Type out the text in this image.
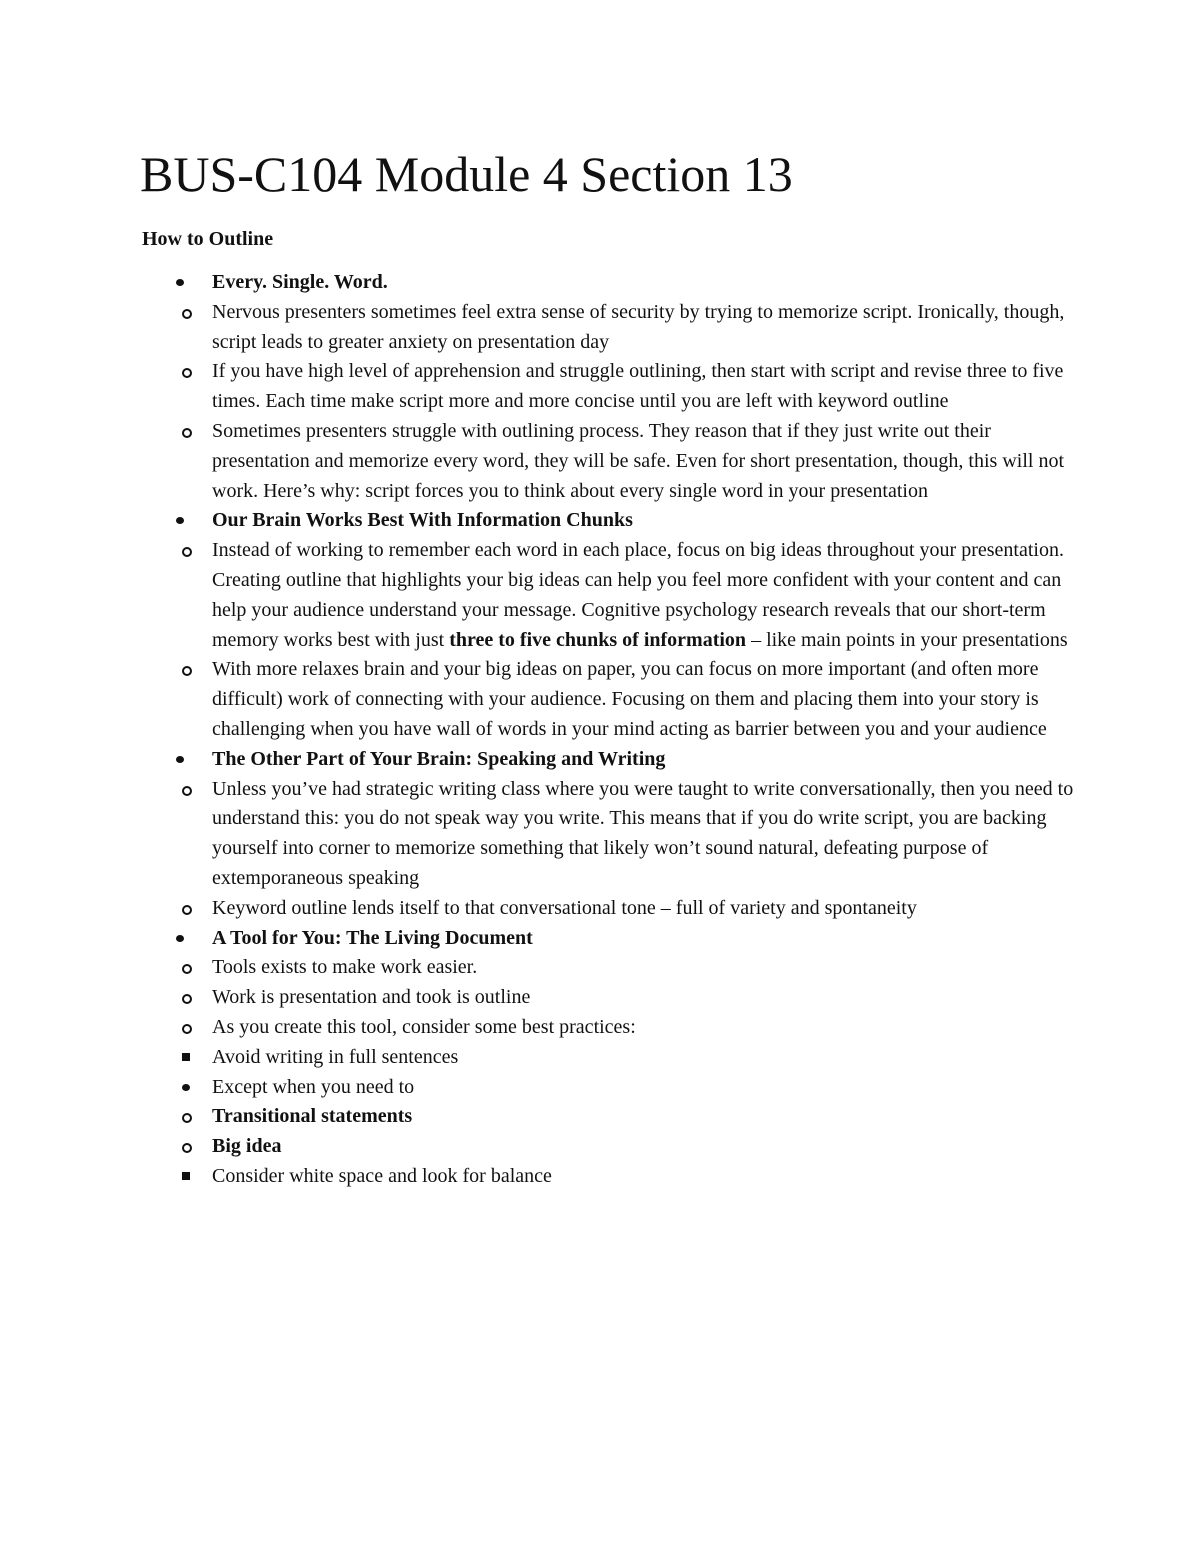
BUS-C104 Module 4 Section 13
How to Outline
Every. Single. Word.
Nervous presenters sometimes feel extra sense of security by trying to memorize script. Ironically, though, script leads to greater anxiety on presentation day
If you have high level of apprehension and struggle outlining, then start with script and revise three to five times. Each time make script more and more concise until you are left with keyword outline
Sometimes presenters struggle with outlining process. They reason that if they just write out their presentation and memorize every word, they will be safe. Even for short presentation, though, this will not work. Here’s why: script forces you to think about every single word in your presentation
Our Brain Works Best With Information Chunks
Instead of working to remember each word in each place, focus on big ideas throughout your presentation. Creating outline that highlights your big ideas can help you feel more confident with your content and can help your audience understand your message. Cognitive psychology research reveals that our short-term memory works best with just three to five chunks of information – like main points in your presentations
With more relaxes brain and your big ideas on paper, you can focus on more important (and often more difficult) work of connecting with your audience. Focusing on them and placing them into your story is challenging when you have wall of words in your mind acting as barrier between you and your audience
The Other Part of Your Brain: Speaking and Writing
Unless you’ve had strategic writing class where you were taught to write conversationally, then you need to understand this: you do not speak way you write. This means that if you do write script, you are backing yourself into corner to memorize something that likely won’t sound natural, defeating purpose of extemporaneous speaking
Keyword outline lends itself to that conversational tone – full of variety and spontaneity
A Tool for You: The Living Document
Tools exists to make work easier.
Work is presentation and took is outline
As you create this tool, consider some best practices:
Avoid writing in full sentences
Except when you need to
Transitional statements
Big idea
Consider white space and look for balance
